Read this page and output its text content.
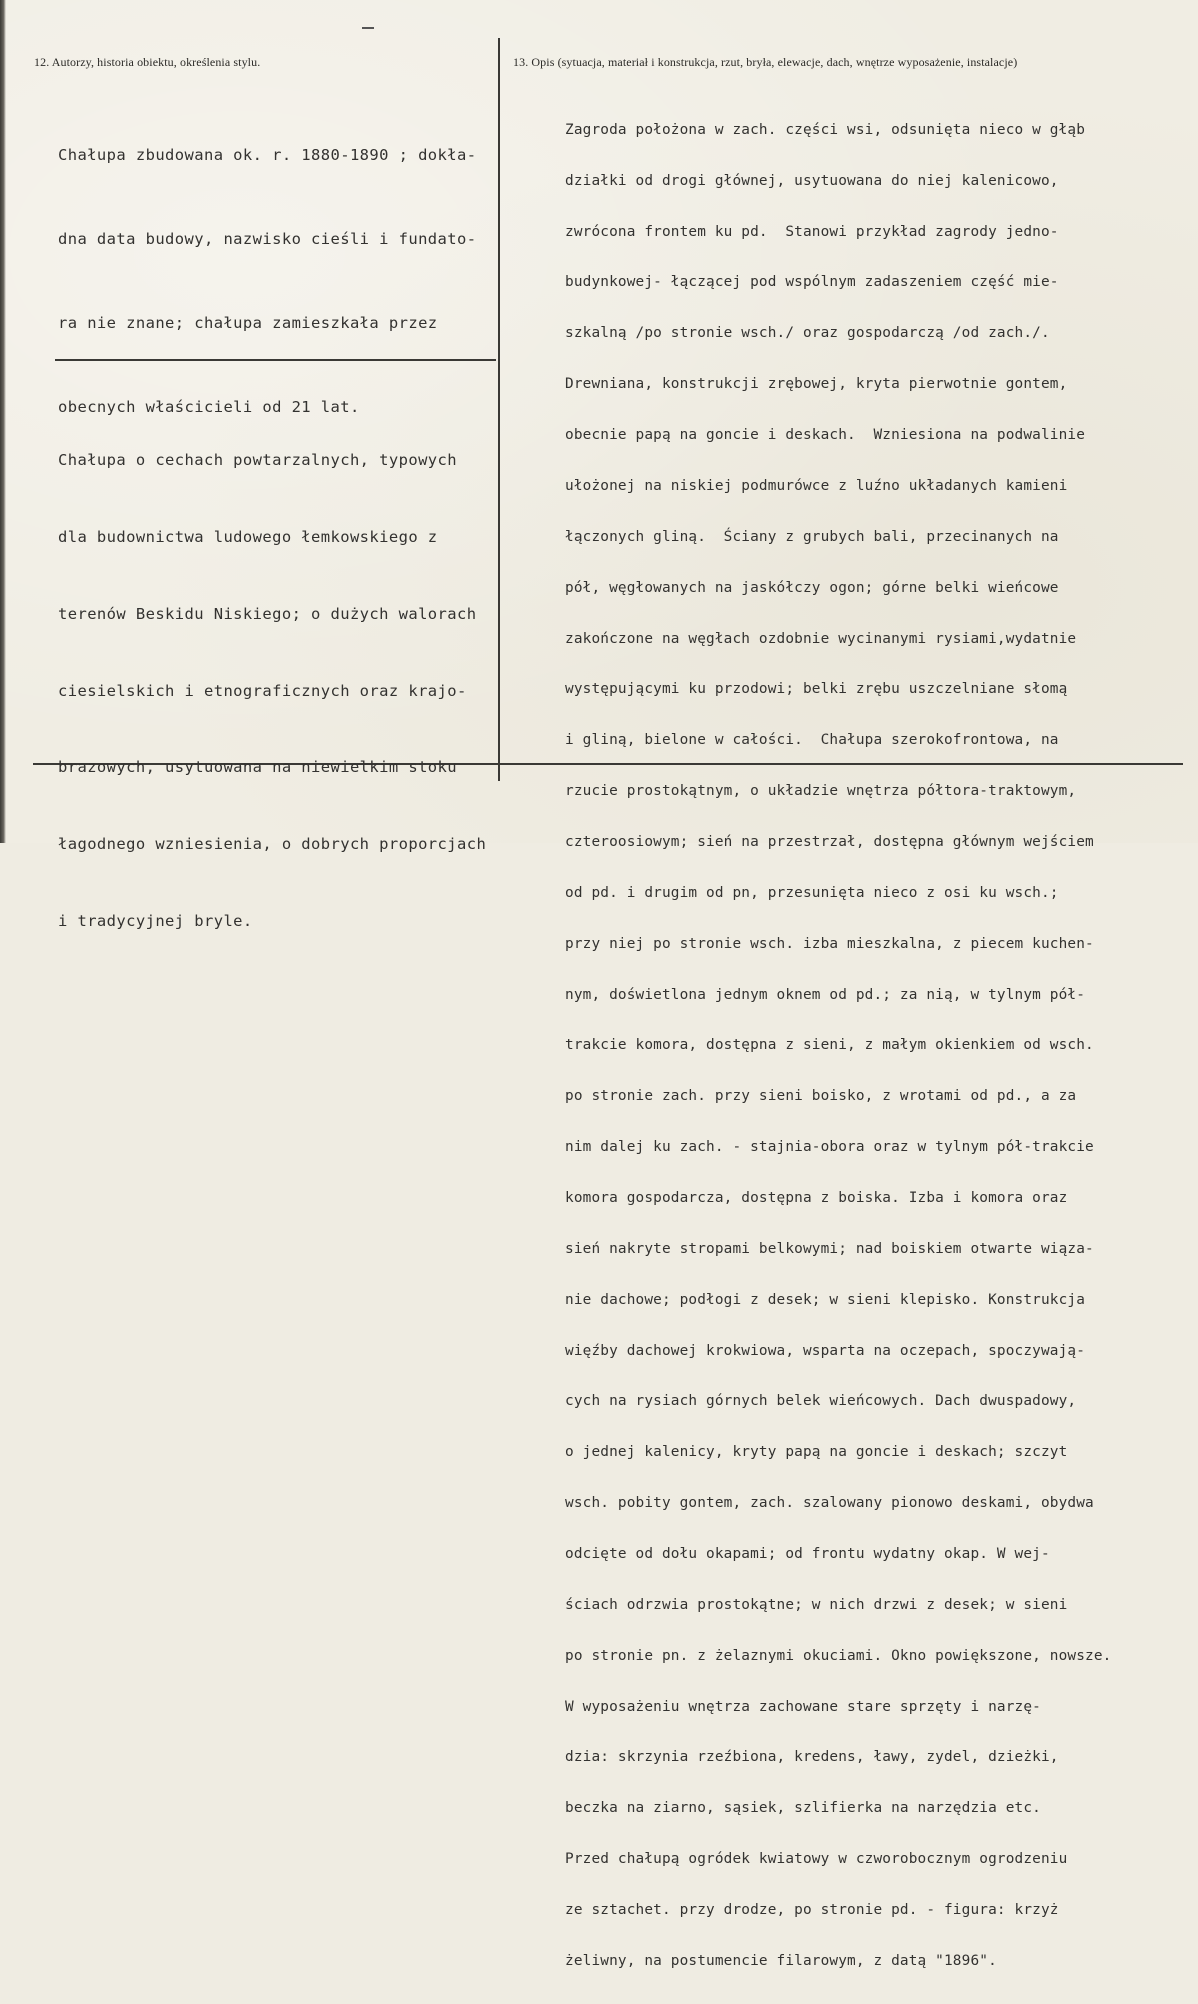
12. Autorzy, historia obiektu, określenia stylu.	13. Opis (sytuacja, materiał i konstrukcja, rzut, bryła, elewacje, dach, wnętrze wyposażenie, instalacje)

Chałupa zbudowana ok. r. 1880-1890 ; dokła-

dna data budowy, nazwisko cieśli i fundato-

ra nie znane; chałupa zamieszkała przez

obecnych właścicieli od 21 lat.

Chałupa o cechach powtarzalnych, typowych

dla budownictwa ludowego łemkowskiego z

terenów Beskidu Niskiego; o dużych walorach

ciesielskich i etnograficznych oraz krajo-

brazowych, usytuowana na niewielkim stoku

łagodnego wzniesienia, o dobrych proporcjach

i tradycyjnej bryle.

Zagroda położona w zach. części wsi, odsunięta nieco w głąb

działki od drogi głównej, usytuowana do niej kalenicowo,

zwrócona frontem ku pd.  Stanowi przykład zagrody jedno-

budynkowej- łączącej pod wspólnym zadaszeniem część mie-

szkalną /po stronie wsch./ oraz gospodarczą /od zach./.

Drewniana, konstrukcji zrębowej, kryta pierwotnie gontem,

obecnie papą na goncie i deskach.  Wzniesiona na podwalinie

ułożonej na niskiej podmurówce z luźno układanych kamieni

łączonych gliną.  Ściany z grubych bali, przecinanych na

pół, węgłowanych na jaskółczy ogon; górne belki wieńcowe

zakończone na węgłach ozdobnie wycinanymi rysiami,wydatnie

występującymi ku przodowi; belki zrębu uszczelniane słomą

i gliną, bielone w całości.  Chałupa szerokofrontowa, na

rzucie prostokątnym, o układzie wnętrza półtora-traktowym,

czteroosiowym; sień na przestrzał, dostępna głównym wejściem

od pd. i drugim od pn, przesunięta nieco z osi ku wsch.;

przy niej po stronie wsch. izba mieszkalna, z piecem kuchen-

nym, doświetlona jednym oknem od pd.; za nią, w tylnym pół-

trakcie komora, dostępna z sieni, z małym okienkiem od wsch.

po stronie zach. przy sieni boisko, z wrotami od pd., a za

nim dalej ku zach. - stajnia-obora oraz w tylnym pół-trakcie

komora gospodarcza, dostępna z boiska. Izba i komora oraz

sień nakryte stropami belkowymi; nad boiskiem otwarte wiąza-

nie dachowe; podłogi z desek; w sieni klepisko. Konstrukcja

więźby dachowej krokwiowa, wsparta na oczepach, spoczywają-

cych na rysiach górnych belek wieńcowych. Dach dwuspadowy,

o jednej kalenicy, kryty papą na goncie i deskach; szczyt

wsch. pobity gontem, zach. szalowany pionowo deskami, obydwa

odcięte od dołu okapami; od frontu wydatny okap. W wej-

ściach odrzwia prostokątne; w nich drzwi z desek; w sieni

po stronie pn. z żelaznymi okuciami. Okno powiększone, nowsze.

W wyposażeniu wnętrza zachowane stare sprzęty i narzę-

dzia: skrzynia rzeźbiona, kredens, ławy, zydel, dzieżki,

beczka na ziarno, sąsiek, szlifierka na narzędzia etc.

Przed chałupą ogródek kwiatowy w czworobocznym ogrodzeniu

ze sztachet. przy drodze, po stronie pd. - figura: krzyż

żeliwny, na postumencie filarowym, z datą "1896".
